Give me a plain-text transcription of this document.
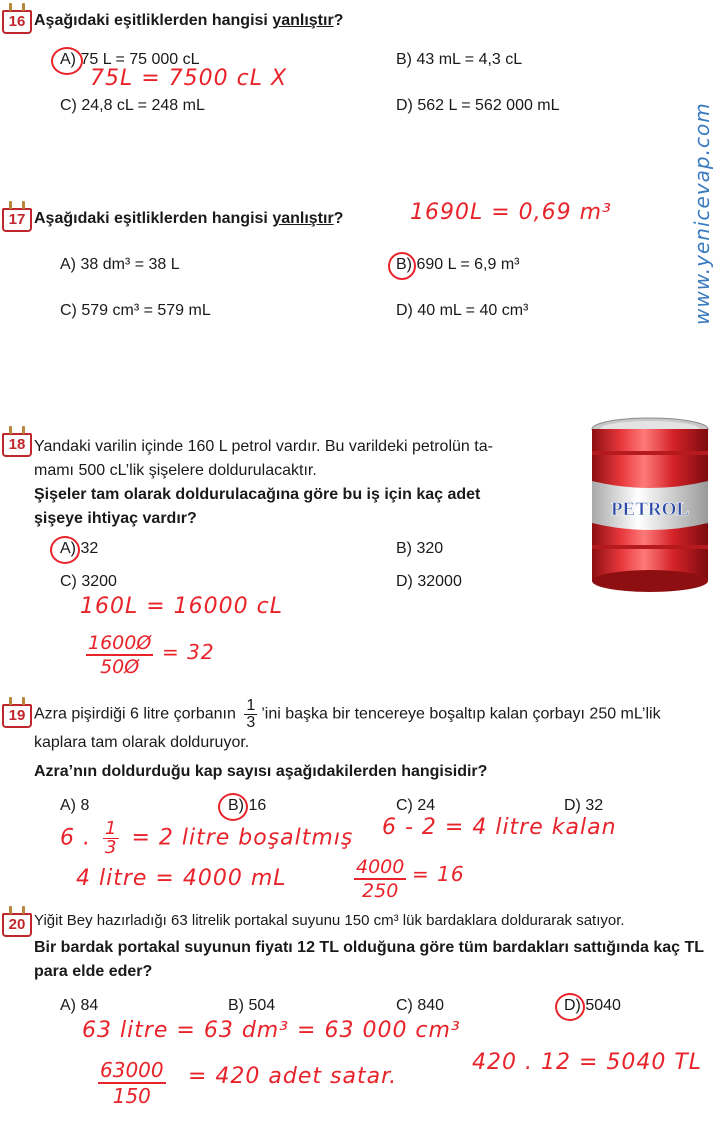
www.yenicevap.com
16 Aşağıdaki eşitliklerden hangisi yanlıştır?
A) 75 L = 75 000 cL	B) 43 mL = 4,3 cL
C) 24,8 cL = 248 mL	D) 562 L = 562 000 mL
75L = 7500 cL X
17 Aşağıdaki eşitliklerden hangisi yanlıştır?	1690L = 0,69 m³
A) 38 dm³ = 38 L	B) 690 L = 6,9 m³
C) 579 cm³ = 579 mL	D) 40 mL = 40 cm³
18 Yandaki varilin içinde 160 L petrol vardır. Bu varildeki petrolün ta-
mamı 500 cL’lik şişelere doldurulacaktır.
Şişeler tam olarak doldurulacağına göre bu iş için kaç adet
şişeye ihtiyaç vardır?	PETROL
A) 32	B) 320
C) 3200	D) 32000
160L = 16000 cL
1600Ø
50Ø
= 32
19 Azra pişirdiği 6 litre çorbanın $\frac{1}{3}$ ’ini başka bir tencereye boşaltıp kalan çorbayı 250 mL’lik
kaplara tam olarak dolduruyor.
Azra’nın doldurduğu kap sayısı aşağıdakilerden hangisidir?
A) 8	B) 16	C) 24	D) 32
6 . $\frac{1}{3} = 2$ litre boşaltmış 6 - 2 = 4 litre kalan
4 litre = 4000 mL	4000
250
= 16
20 Yiğit Bey hazırladığı 63 litrelik portakal suyunu 150 cm³ lük bardaklara doldurarak satıyor.
Bir bardak portakal suyunun fiyatı 12 TL olduğuna göre tüm bardakları sattığında kaç TL
para elde eder?
A) 84	B) 504	C) 840	D) 5040
63 litre = 63 dm³ = 63 000 cm³
63000
150
= 420 adet satar.
420 . 12 = 5040 TL
